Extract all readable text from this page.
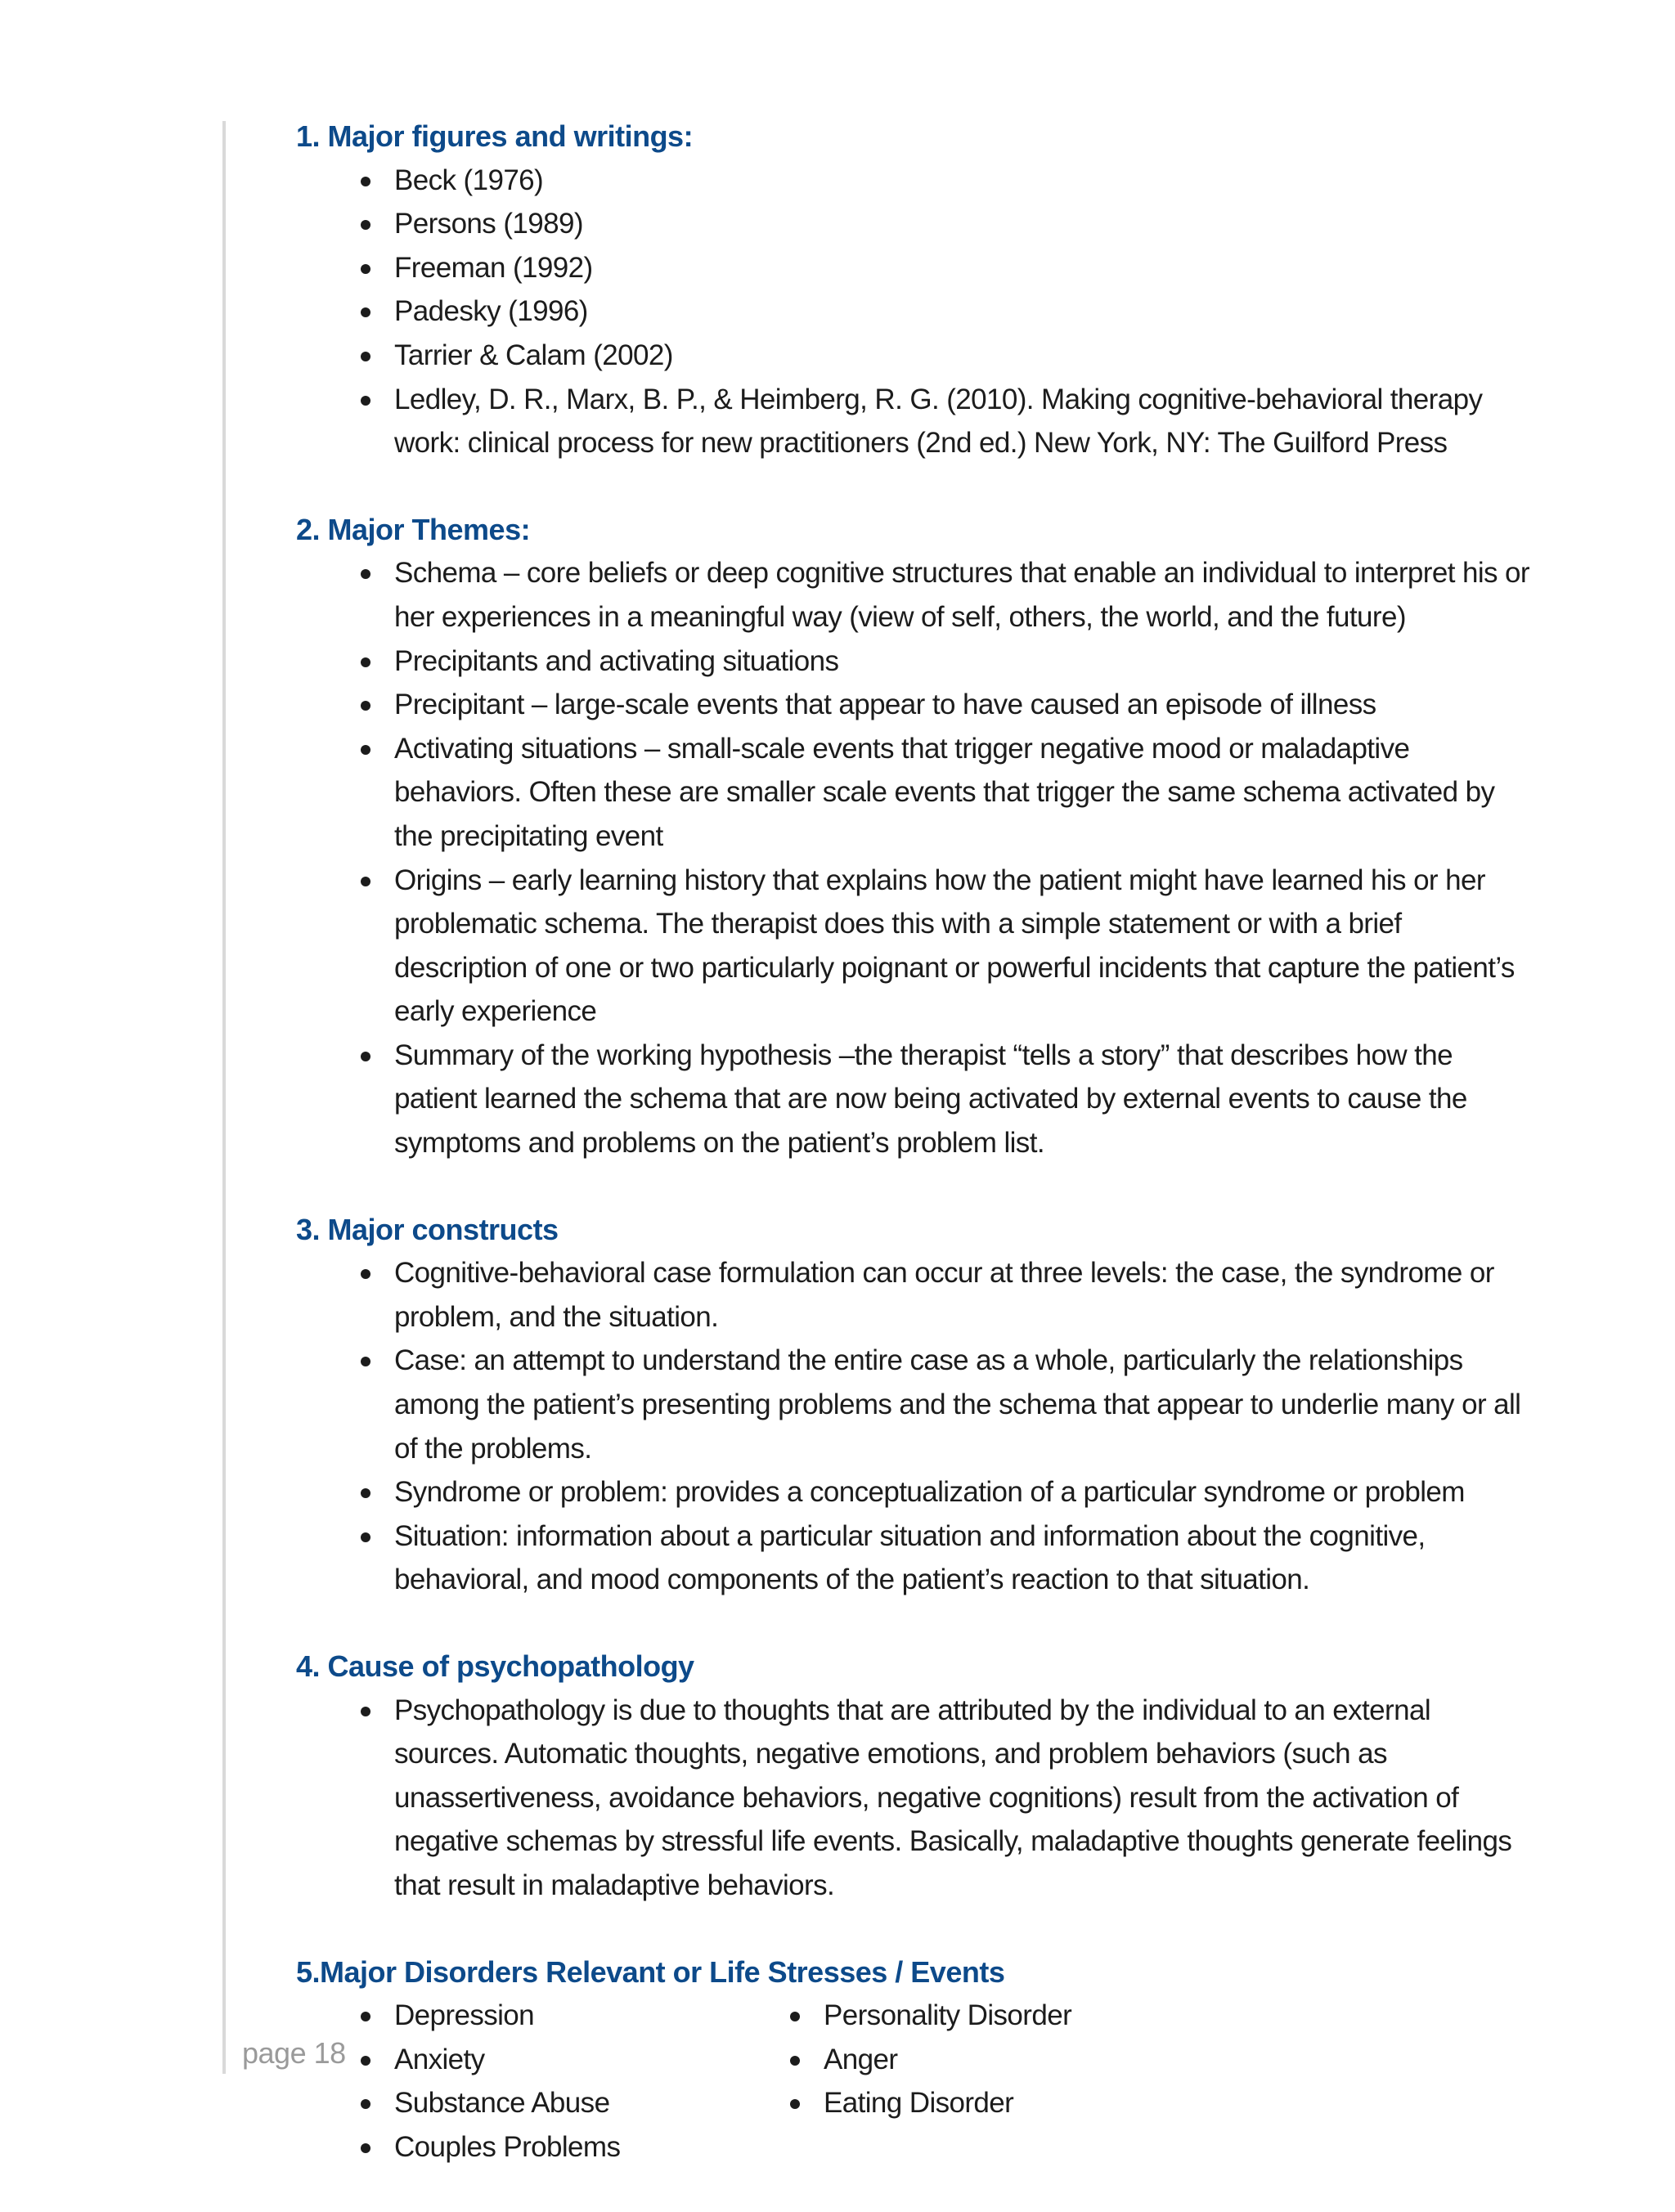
1. Major figures and writings:
Beck (1976)
Persons (1989)
Freeman (1992)
Padesky (1996)
Tarrier & Calam (2002)
Ledley, D. R., Marx, B. P., & Heimberg, R. G. (2010). Making cognitive-behavioral therapy work: clinical process for new practitioners (2nd ed.) New York, NY: The Guilford Press
2. Major Themes:
Schema – core beliefs or deep cognitive structures that enable an individual to interpret his or her experiences in a meaningful way (view of self, others, the world, and the future)
Precipitants and activating situations
Precipitant – large-scale events that appear to have caused an episode of illness
Activating situations – small-scale events that trigger negative mood or maladaptive behaviors. Often these are smaller scale events that trigger the same schema activated by the precipitating event
Origins – early learning history that explains how the patient might have learned his or her problematic schema. The therapist does this with a simple statement or with a brief description of one or two particularly poignant or powerful incidents that capture the patient’s early experience
Summary of the working hypothesis –the therapist “tells a story” that describes how the patient learned the schema that are now being activated by external events to cause the symptoms and problems on the patient’s problem list.
3. Major constructs
Cognitive-behavioral case formulation can occur at three levels: the case, the syndrome or problem, and the situation.
Case: an attempt to understand the entire case as a whole, particularly the relationships among the patient’s presenting problems and the schema that appear to underlie many or all of the problems.
Syndrome or problem: provides a conceptualization of a particular syndrome or problem
Situation: information about a particular situation and information about the cognitive, behavioral, and mood components of the patient’s reaction to that situation.
4. Cause of psychopathology
Psychopathology is due to thoughts that are attributed by the individual to an external sources. Automatic thoughts, negative emotions, and problem behaviors (such as unassertiveness, avoidance behaviors, negative cognitions) result from the activation of negative schemas by stressful life events. Basically, maladaptive thoughts generate feelings that result in maladaptive behaviors.
5.Major Disorders Relevant or Life Stresses / Events
Depression
Anxiety
Substance Abuse
Couples Problems
Personality Disorder
Anger
Eating Disorder
page 18
